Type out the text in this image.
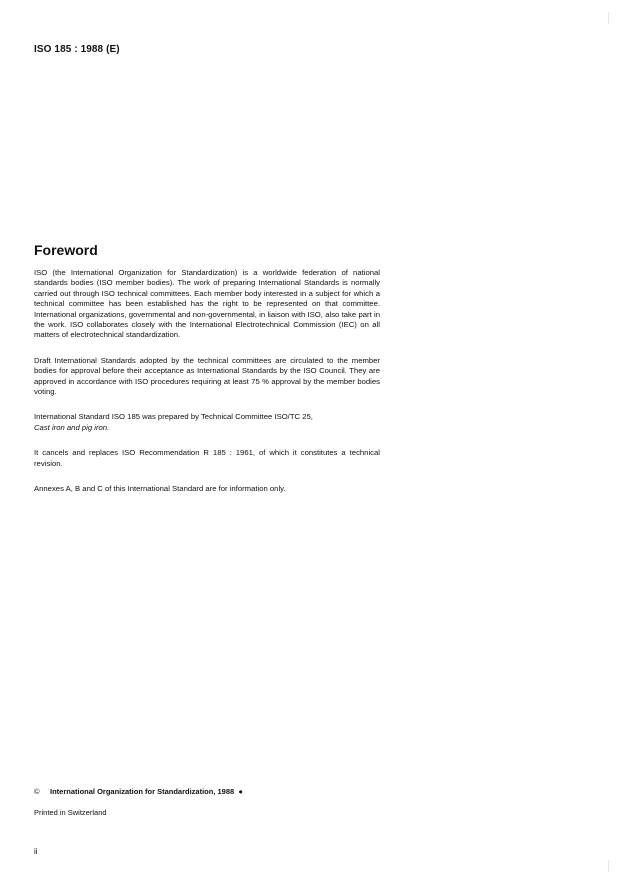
ISO 185 : 1988 (E)
Foreword

ISO (the International Organization for Standardization) is a worldwide federation of national standards bodies (ISO member bodies). The work of preparing International Standards is normally carried out through ISO technical committees. Each member body interested in a subject for which a technical committee has been established has the right to be represented on that committee. International organizations, governmental and non-governmental, in liaison with ISO, also take part in the work. ISO collaborates closely with the International Electrotechnical Commission (IEC) on all matters of electrotechnical standardization.

Draft International Standards adopted by the technical committees are circulated to the member bodies for approval before their acceptance as International Standards by the ISO Council. They are approved in accordance with ISO procedures requiring at least 75 % approval by the member bodies voting.

International Standard ISO 185 was prepared by Technical Committee ISO/TC 25,
Cast iron and pig iron.

It cancels and replaces ISO Recommendation R 185 : 1961, of which it constitutes a technical revision.

Annexes A, B and C of this International Standard are for information only.

© International Organization for Standardization, 1988 ●
Printed in Switzerland
ii
